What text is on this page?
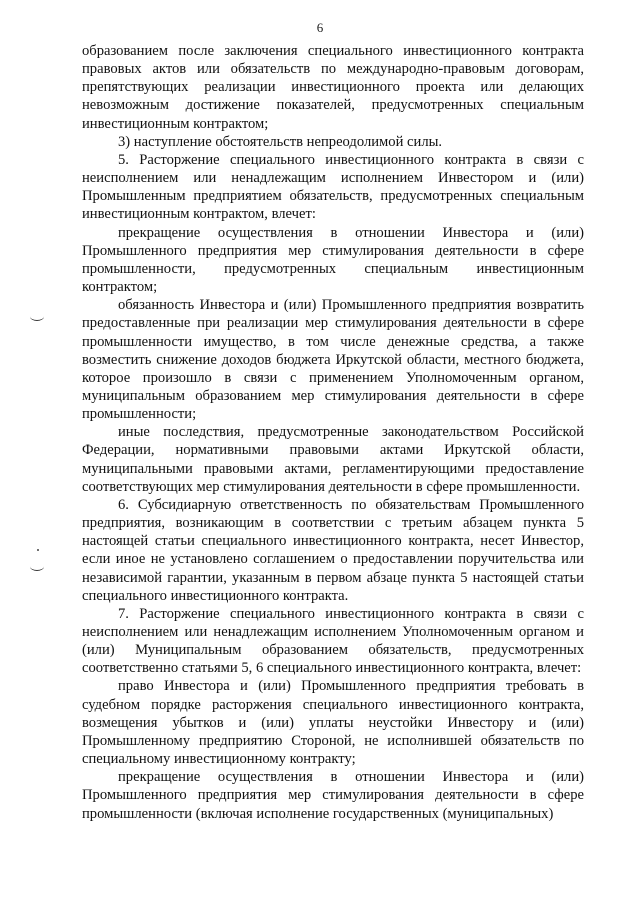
6

образованием после заключения специального инвестиционного контракта правовых актов или обязательств по международно-правовым договорам, препятствующих реализации инвестиционного проекта или делающих невозможным достижение показателей, предусмотренных специальным инвестиционным контрактом;

3) наступление обстоятельств непреодолимой силы.

5. Расторжение специального инвестиционного контракта в связи с неисполнением или ненадлежащим исполнением Инвестором и (или) Промышленным предприятием обязательств, предусмотренных специальным инвестиционным контрактом, влечет:

прекращение осуществления в отношении Инвестора и (или) Промышленного предприятия мер стимулирования деятельности в сфере промышленности, предусмотренных специальным инвестиционным контрактом;

обязанность Инвестора и (или) Промышленного предприятия возвратить предоставленные при реализации мер стимулирования деятельности в сфере промышленности имущество, в том числе денежные средства, а также возместить снижение доходов бюджета Иркутской области, местного бюджета, которое произошло в связи с применением Уполномоченным органом, муниципальным образованием мер стимулирования деятельности в сфере промышленности;

иные последствия, предусмотренные законодательством Российской Федерации, нормативными правовыми актами Иркутской области, муниципальными правовыми актами, регламентирующими предоставление соответствующих мер стимулирования деятельности в сфере промышленности.

6. Субсидиарную ответственность по обязательствам Промышленного предприятия, возникающим в соответствии с третьим абзацем пункта 5 настоящей статьи специального инвестиционного контракта, несет Инвестор, если иное не установлено соглашением о предоставлении поручительства или независимой гарантии, указанным в первом абзаце пункта 5 настоящей статьи специального инвестиционного контракта.

7. Расторжение специального инвестиционного контракта в связи с неисполнением или ненадлежащим исполнением Уполномоченным органом и (или) Муниципальным образованием обязательств, предусмотренных соответственно статьями 5, 6 специального инвестиционного контракта, влечет:

право Инвестора и (или) Промышленного предприятия требовать в судебном порядке расторжения специального инвестиционного контракта, возмещения убытков и (или) уплаты неустойки Инвестору и (или) Промышленному предприятию Стороной, не исполнившей обязательств по специальному инвестиционному контракту;

прекращение осуществления в отношении Инвестора и (или) Промышленного предприятия мер стимулирования деятельности в сфере промышленности (включая исполнение государственных (муниципальных)
